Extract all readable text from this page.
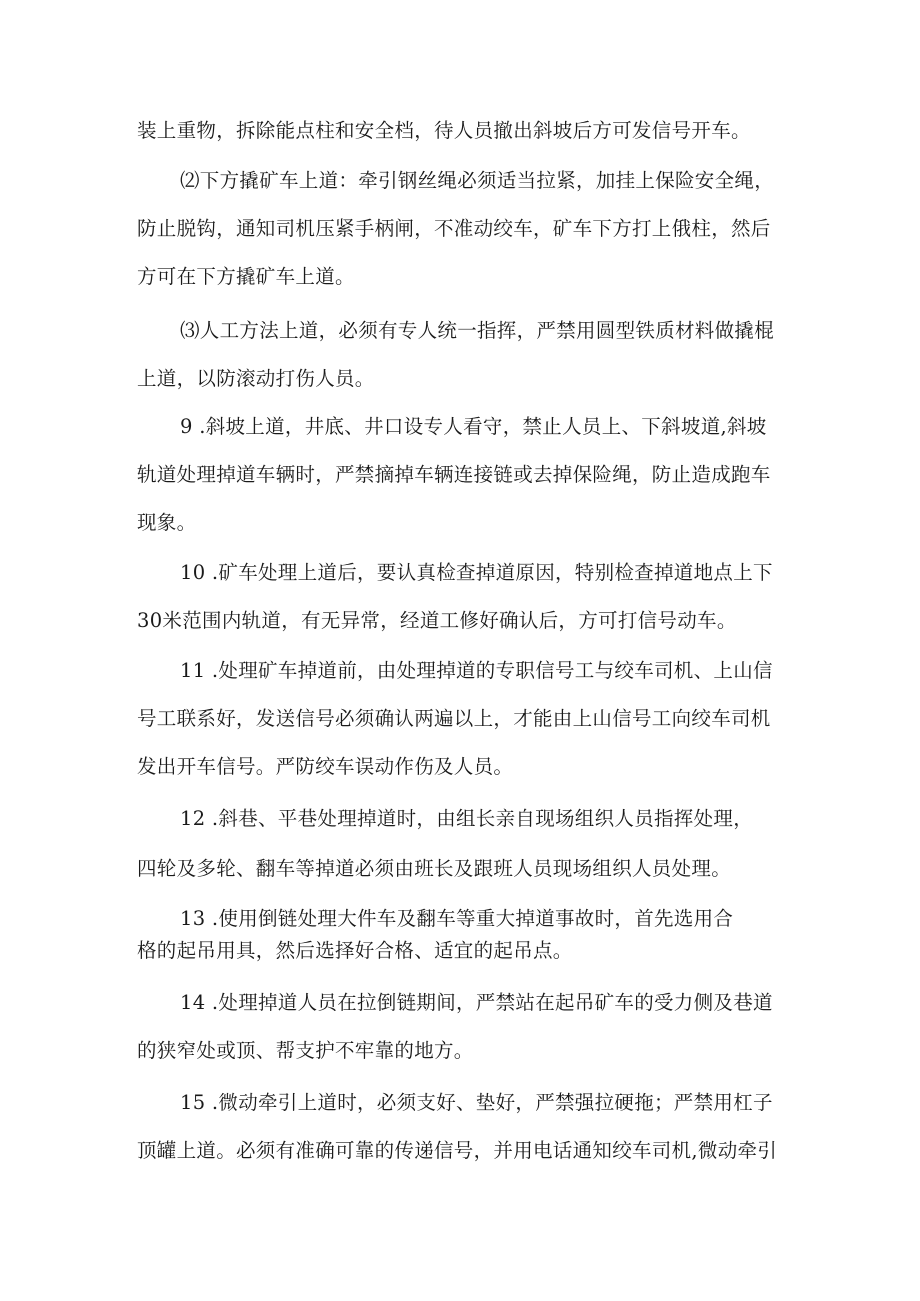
装上重物，拆除能点柱和安全档，待人员撤出斜坡后方可发信号开车。

⑵下方撬矿车上道：牵引钢丝绳必须适当拉紧，加挂上保险安全绳，

防止脱钩，通知司机压紧手柄闸，不准动绞车，矿车下方打上俄柱，然后

方可在下方撬矿车上道。

⑶人工方法上道，必须有专人统一指挥，严禁用圆型铁质材料做撬棍

上道，以防滚动打伤人员。

9 .斜坡上道，井底、井口设专人看守，禁止人员上、下斜坡道,斜坡

轨道处理掉道车辆时，严禁摘掉车辆连接链或去掉保险绳，防止造成跑车

现象。

10 .矿车处理上道后，要认真检查掉道原因，特别检查掉道地点上下

30米范围内轨道，有无异常，经道工修好确认后，方可打信号动车。

11 .处理矿车掉道前，由处理掉道的专职信号工与绞车司机、上山信

号工联系好，发送信号必须确认两遍以上，才能由上山信号工向绞车司机

发出开车信号。严防绞车误动作伤及人员。

12 .斜巷、平巷处理掉道时，由组长亲自现场组织人员指挥处理，

四轮及多轮、翻车等掉道必须由班长及跟班人员现场组织人员处理。

13 .使用倒链处理大件车及翻车等重大掉道事故时，首先选用合

格的起吊用具，然后选择好合格、适宜的起吊点。

14 .处理掉道人员在拉倒链期间，严禁站在起吊矿车的受力侧及巷道

的狭窄处或顶、帮支护不牢靠的地方。

15 .微动牵引上道时，必须支好、垫好，严禁强拉硬拖；严禁用杠子

顶罐上道。必须有准确可靠的传递信号，并用电话通知绞车司机,微动牵引
